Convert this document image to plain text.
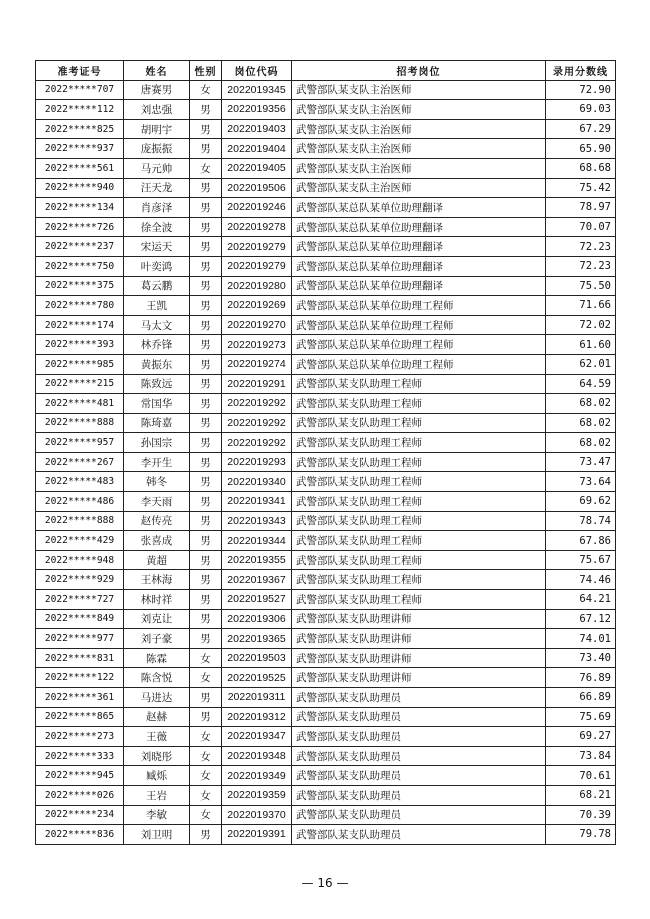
准考证号	姓名	性别	岗位代码	招考岗位	录用分数线
2022*****707	唐赛男	女	2022019345	武警部队某支队主治医师	72.90
2022*****112	刘忠强	男	2022019356	武警部队某支队主治医师	69.03
2022*****825	胡明宇	男	2022019403	武警部队某支队主治医师	67.29
2022*****937	庞振振	男	2022019404	武警部队某支队主治医师	65.90
2022*****561	马元帅	女	2022019405	武警部队某支队主治医师	68.68
2022*****940	汪天龙	男	2022019506	武警部队某支队主治医师	75.42
2022*****134	肖彦泽	男	2022019246	武警部队某总队某单位助理翻译	78.97
2022*****726	徐全波	男	2022019278	武警部队某总队某单位助理翻译	70.07
2022*****237	宋运天	男	2022019279	武警部队某总队某单位助理翻译	72.23
2022*****750	叶奕鸿	男	2022019279	武警部队某总队某单位助理翻译	72.23
2022*****375	葛云鹏	男	2022019280	武警部队某总队某单位助理翻译	75.50
2022*****780	王凯	男	2022019269	武警部队某总队某单位助理工程师	71.66
2022*****174	马太文	男	2022019270	武警部队某总队某单位助理工程师	72.02
2022*****393	林乔锋	男	2022019273	武警部队某总队某单位助理工程师	61.60
2022*****985	黄振东	男	2022019274	武警部队某总队某单位助理工程师	62.01
2022*****215	陈致远	男	2022019291	武警部队某支队助理工程师	64.59
2022*****481	常国华	男	2022019292	武警部队某支队助理工程师	68.02
2022*****888	陈琦嘉	男	2022019292	武警部队某支队助理工程师	68.02
2022*****957	孙国宗	男	2022019292	武警部队某支队助理工程师	68.02
2022*****267	李开生	男	2022019293	武警部队某支队助理工程师	73.47
2022*****483	韩冬	男	2022019340	武警部队某支队助理工程师	73.64
2022*****486	李天雨	男	2022019341	武警部队某支队助理工程师	69.62
2022*****888	赵传亮	男	2022019343	武警部队某支队助理工程师	78.74
2022*****429	张喜成	男	2022019344	武警部队某支队助理工程师	67.86
2022*****948	黄超	男	2022019355	武警部队某支队助理工程师	75.67
2022*****929	王林海	男	2022019367	武警部队某支队助理工程师	74.46
2022*****727	林时祥	男	2022019527	武警部队某支队助理工程师	64.21
2022*****849	刘克让	男	2022019306	武警部队某支队助理讲师	67.12
2022*****977	刘子豪	男	2022019365	武警部队某支队助理讲师	74.01
2022*****831	陈霖	女	2022019503	武警部队某支队助理讲师	73.40
2022*****122	陈含悦	女	2022019525	武警部队某支队助理讲师	76.89
2022*****361	马进达	男	2022019311	武警部队某支队助理员	66.89
2022*****865	赵赫	男	2022019312	武警部队某支队助理员	75.69
2022*****273	王薇	女	2022019347	武警部队某支队助理员	69.27
2022*****333	刘晓彤	女	2022019348	武警部队某支队助理员	73.84
2022*****945	臧烁	女	2022019349	武警部队某支队助理员	70.61
2022*****026	王岩	女	2022019359	武警部队某支队助理员	68.21
2022*****234	李敏	女	2022019370	武警部队某支队助理员	70.39
2022*****836	刘卫明	男	2022019391	武警部队某支队助理员	79.78
— 16 —
